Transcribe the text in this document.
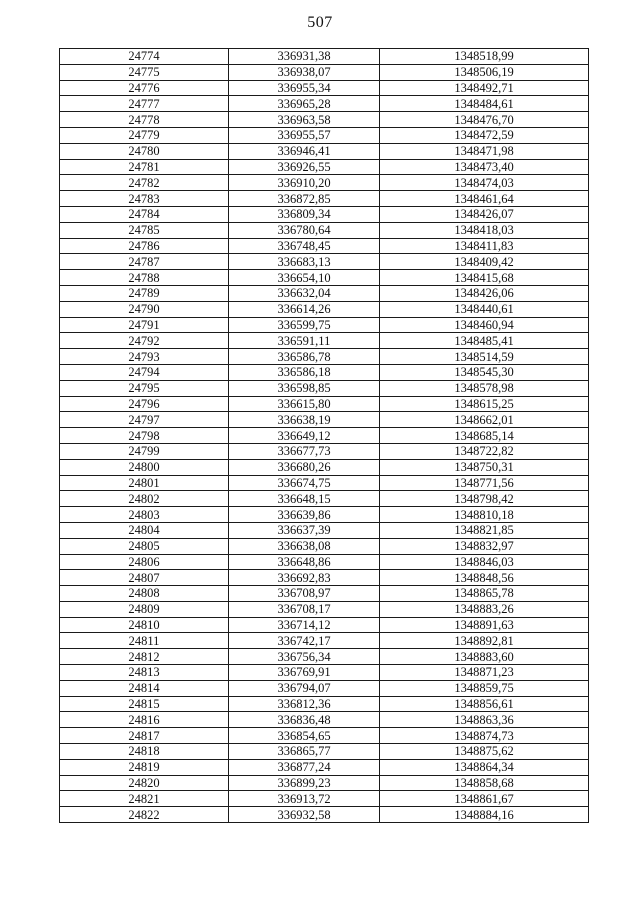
507
24774	336931,38	1348518,99
24775	336938,07	1348506,19
24776	336955,34	1348492,71
24777	336965,28	1348484,61
24778	336963,58	1348476,70
24779	336955,57	1348472,59
24780	336946,41	1348471,98
24781	336926,55	1348473,40
24782	336910,20	1348474,03
24783	336872,85	1348461,64
24784	336809,34	1348426,07
24785	336780,64	1348418,03
24786	336748,45	1348411,83
24787	336683,13	1348409,42
24788	336654,10	1348415,68
24789	336632,04	1348426,06
24790	336614,26	1348440,61
24791	336599,75	1348460,94
24792	336591,11	1348485,41
24793	336586,78	1348514,59
24794	336586,18	1348545,30
24795	336598,85	1348578,98
24796	336615,80	1348615,25
24797	336638,19	1348662,01
24798	336649,12	1348685,14
24799	336677,73	1348722,82
24800	336680,26	1348750,31
24801	336674,75	1348771,56
24802	336648,15	1348798,42
24803	336639,86	1348810,18
24804	336637,39	1348821,85
24805	336638,08	1348832,97
24806	336648,86	1348846,03
24807	336692,83	1348848,56
24808	336708,97	1348865,78
24809	336708,17	1348883,26
24810	336714,12	1348891,63
24811	336742,17	1348892,81
24812	336756,34	1348883,60
24813	336769,91	1348871,23
24814	336794,07	1348859,75
24815	336812,36	1348856,61
24816	336836,48	1348863,36
24817	336854,65	1348874,73
24818	336865,77	1348875,62
24819	336877,24	1348864,34
24820	336899,23	1348858,68
24821	336913,72	1348861,67
24822	336932,58	1348884,16
